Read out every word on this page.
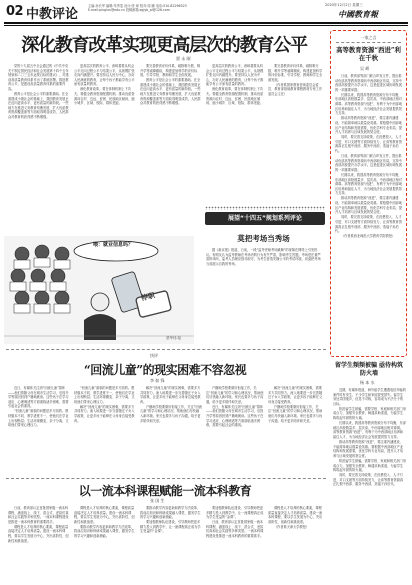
02 中教评论
主编:孙长军 编辑:朱秀雯 设计:张 琛 校对:周 鹏 电话:010-82296523
E-mail:pinglun@edu.cn 投稿邮箱:zgjyb_pl@126.com
2020年12月2日 星期三
中國教育報
深化教育改革实现更高层次的教育公平
贾 永 刚

党的十九届五中全会通过的《中共中央关于制定国民经济和社会发展第十四个五年规划和二〇三五年远景目标的建议》，对建设高质量教育体系作出了系统部署。推进教育公平，是建设高质量教育体系的重要内容。

教育公平是社会公平的重要基础。在全面建成小康社会的基础上，我国教育发展正在迈向更高水平、更有质量的新阶段。一些地方在推进义务教育均衡发展、扩大优质教育资源覆盖面等方面取得明显成效，人民群众对教育的获得感不断增强。

更高层次的教育公平，意味着要从机会公平走向过程公平与结果公平，从规模扩张走向内涵提升。要坚持以人民为中心，办好人民满意的教育，让每个孩子都能享有公平而有质量的教育。

深化教育改革，要在体制机制上下功夫。要健全教育资源配置机制，推动优质资源向农村、边远、贫困、民族地区倾斜，缩小城乡、区域、校际、群体差距。

要完善教育评价体系，破除唯分数、唯升学等顽瘴痼疾，构建更加科学的评价标准，引导学校、教师和学生全面发展。

教育公平是社会公平的重要基础。在全面建成小康社会的基础上，我国教育发展正在迈向更高水平、更有质量的新阶段。一些地方在推进义务教育均衡发展、扩大优质教育资源覆盖面等方面取得明显成效，人民群众对教育的获得感不断增强。

更高层次的教育公平，意味着要从机会公平走向过程公平与结果公平，从规模扩张走向内涵提升。要坚持以人民为中心，办好人民满意的教育，让每个孩子都能享有公平而有质量的教育。

深化教育改革，要在体制机制上下功夫。要健全教育资源配置机制，推动优质资源向农村、边远、贫困、民族地区倾斜，缩小城乡、区域、校际、群体差距。

要完善教育评价体系，破除唯分数、唯升学等顽瘴痼疾，构建更加科学的评价标准，引导学校、教师和学生全面发展。

（作者系国家教育咨询委员会委员、教育部基础教育课程教材专家工作委员会主任）

展望“十四五”规划系列评论
一家之言
高等教育资源“西进”利在千秋
吴 峤

日前，教育部等部门联合印发文件，提出推动优质高等教育资源向中西部地区布局，支持中西部高校提升办学水平。这是促进区域协调发展的一项重要举措。

长期以来，我国高等教育资源分布不均衡，东部地区高校数量多、层次高，中西部地区相对薄弱。高等教育资源“西进”，有利于为中西部地区培养和留住人才，为当地经济社会发展提供智力支持。

推动高等教育资源“西进”，要注重内涵建设，不能简单地以数量论英雄。要根据中西部地区产业结构和发展需要，优化学科专业布局，提升人才培养与区域发展的契合度。

同时，要完善支持政策，在经费投入、人才引进、对口支援等方面持续发力，让高等教育资源真正扎根中西部、服务中西部，造福子孙后代。

日前，教育部等部门联合印发文件，提出推动优质高等教育资源向中西部地区布局，支持中西部高校提升办学水平。这是促进区域协调发展的一项重要举措。

长期以来，我国高等教育资源分布不均衡，东部地区高校数量多、层次高，中西部地区相对薄弱。高等教育资源“西进”，有利于为中西部地区培养和留住人才，为当地经济社会发展提供智力支持。

推动高等教育资源“西进”，要注重内涵建设，不能简单地以数量论英雄。要根据中西部地区产业结构和发展需要，优化学科专业布局，提升人才培养与区域发展的契合度。

同时，要完善支持政策，在经费投入、人才引进、对口支援等方面持续发力，让高等教育资源真正扎根中西部、服务中西部，造福子孙后代。

（作者系西北师范大学教育学院教授）

留学生频频被骗 亟待构筑防火墙
杨 本 水

近期，有媒体报道，海外留学生遭遇电信诈骗的案件时有发生，不少学生和家庭蒙受损失。留学生身处异国他乡，信息不对称，容易成为不法分子的目标。

防范留学生被骗，需要学校、家庭和相关部门形成合力，加强安全教育，畅通求助渠道，为留学生构筑起牢固的防火墙。

长期以来，我国高等教育资源分布不均衡，东部地区高校数量多、层次高，中西部地区相对薄弱。高等教育资源“西进”，有利于为中西部地区培养和留住人才，为当地经济社会发展提供智力支持。

推动高等教育资源“西进”，要注重内涵建设，不能简单地以数量论英雄。要根据中西部地区产业结构和发展需要，优化学科专业布局，提升人才培养与区域发展的契合度。

防范留学生被骗，需要学校、家庭和相关部门形成合力，加强安全教育，畅通求助渠道，为留学生构筑起牢固的防火墙。

同时，要完善支持政策，在经费投入、人才引进、对口支援等方面持续发力，让高等教育资源真正扎根中西部、服务中西部，造福子孙后代。

喂：就业信息吗？
停职
蔡华伟 绘
莫把考场当秀场

据《新京报》报道，日前，一段“监考老师考场跳舞”的视频在网络上引发热议。有网友认为监考教师在考场内的行为有失严肃，影响考生答题。考场是庄重严肃的场所，监考人员理应恪尽职守，为考生营造安静公平的考试环境，切莫把考场当成展示自我的秀场。

快评
“回流儿童”的现实困难不容忽视
李 如 锋

近日，有媒体关注到“回流儿童”群体——他们曾随父母在城市生活学习，后因升学等原因回到户籍地就读。这些孩子在学习适应、心理调适等方面面临诸多困难，需要引起社会的重视。

“回流儿童”面临的问题是多方面的。教材版本不同、教学进度不一，使他们在学业上出现断层；生活环境骤变、亲子分离，又给他们带来心理压力。

“回流儿童”面临的问题是多方面的。教材版本不同、教学进度不一，使他们在学业上出现断层；生活环境骤变、亲子分离，又给他们带来心理压力。

解决“回流儿童”的现实困难，需要多方共同努力。流入地要进一步完善随迁子女入学政策，让更多孩子能够在父母身边接受教育。

解决“回流儿童”的现实困难，需要多方共同努力。流入地要进一步完善随迁子女入学政策，让更多孩子能够在父母身边接受教育。

户籍地学校要做好衔接工作，关注“回流儿童”的学习和心理状况，帮助他们尽快融入新环境。家长也要多与孩子沟通，给予更多陪伴和关爱。

户籍地学校要做好衔接工作，关注“回流儿童”的学习和心理状况，帮助他们尽快融入新环境。家长也要多与孩子沟通，给予更多陪伴和关爱。

近日，有媒体关注到“回流儿童”群体——他们曾随父母在城市生活学习，后因升学等原因回到户籍地就读。这些孩子在学习适应、心理调适等方面面临诸多困难，需要引起社会的重视。

解决“回流儿童”的现实困难，需要多方共同努力。流入地要进一步完善随迁子女入学政策，让更多孩子能够在父母身边接受教育。

户籍地学校要做好衔接工作，关注“回流儿童”的学习和心理状况，帮助他们尽快融入新环境。家长也要多与孩子沟通，给予更多陪伴和关爱。

以一流本科课程赋能一流本科教育
张 国 生

日前，教育部认定首批国家级一流本科课程，涵盖线上、线下、混合式、虚拟仿真和社会实践等多种类型。一流本科课程建设是推进一流本科教育的重要抓手。

课程是人才培养的核心要素，课程质量直接决定人才培养质量。建设一流本科课程，要以学生发展为中心，突出高阶性、创新性和挑战度。

课程是人才培养的核心要素，课程质量直接决定人才培养质量。建设一流本科课程，要以学生发展为中心，突出高阶性、创新性和挑战度。

要推动教学内容更新和教学方法改革，将前沿知识和科研成果融入课堂，激发学生的学习兴趣和创新潜能。

要推动教学内容更新和教学方法改革，将前沿知识和科研成果融入课堂，激发学生的学习兴趣和创新潜能。

要加强教师队伍建设，引导教师把更多精力投入到教学中，让一流课程真正成为学生受益的“金课”。

要加强教师队伍建设，引导教师把更多精力投入到教学中，让一流课程真正成为学生受益的“金课”。

日前，教育部认定首批国家级一流本科课程，涵盖线上、线下、混合式、虚拟仿真和社会实践等多种类型。一流本科课程建设是推进一流本科教育的重要抓手。

课程是人才培养的核心要素，课程质量直接决定人才培养质量。建设一流本科课程，要以学生发展为中心，突出高阶性、创新性和挑战度。

（作者系天津大学教授）
